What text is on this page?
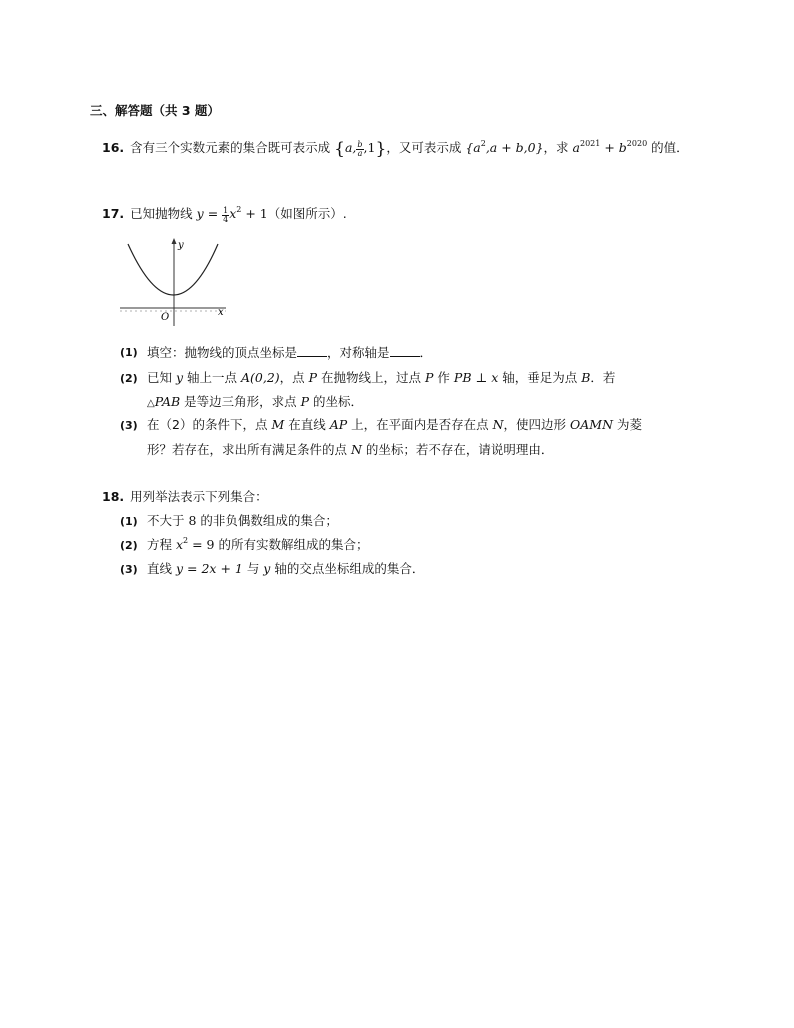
三、解答题（共 3 题）
16. 含有三个实数元素的集合既可表示成 {a, $\frac{b}{a} ,1$}，又可表示成 $\{a^2,a + b,0\}$，求 $a^{2021} + b^{2020}$ 的值．
17. 已知抛物线 $y = \frac{1}{4} x^2 + 1$（如图所示）.
y
x
O
(1) 填空：抛物线的顶点坐标是 ，对称轴是 ．
(2) 已知 y 轴上一点 A(0,2)，点 P 在抛物线上，过点 P 作 PB ⊥ x 轴，垂足为点 B．若
△PAB 是等边三角形，求点 P 的坐标．
(3) 在（2）的条件下，点 M 在直线 AP 上，在平面内是否存在点 N，使四边形 OAMN 为菱
形？若存在，求出所有满足条件的点 N 的坐标；若不存在，请说明理由．
18. 用列举法表示下列集合：
(1) 不大于 8 的非负偶数组成的集合；
(2) 方程 $x^2 = 9$ 的所有实数解组成的集合；
(3) 直线 y = 2x + 1 与 y 轴的交点坐标组成的集合．
